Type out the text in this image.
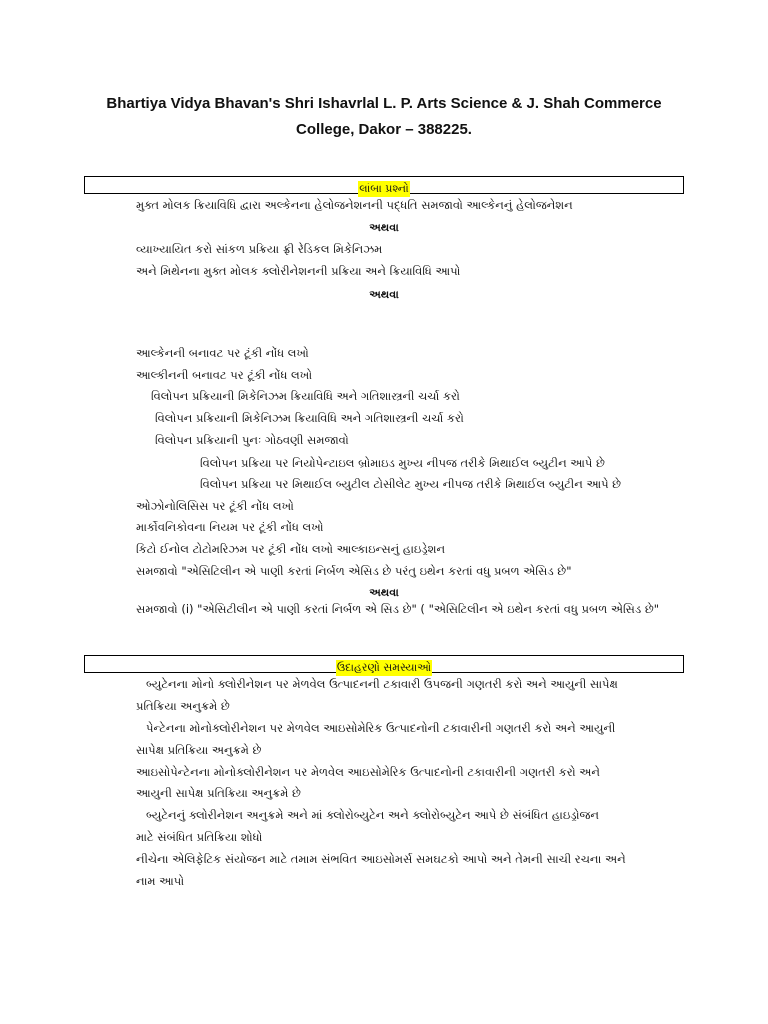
Bhartiya Vidya Bhavan's Shri Ishavrlal L. P. Arts Science & J. Shah Commerce
College, Dakor – 388225.
લાંબા પ્રશ્નો
મુક્ત મોલક ક્રિયાવિધિ દ્વારા અલ્કેનના હેલોજનેશનની પદ્ધતિ સમજાવો આલ્કેનનું હેલોજનેશન
અથવા
વ્યાખ્યાયિત કરો સાંકળ પ્રક્રિયા ફ્રી રેડિકલ મિકેનિઝમ
અને મિથેનના મુક્ત મોલક ક્લોરીનેશનની પ્રક્રિયા અને ક્રિયાવિધિ આપો
અથવા
આલ્કેનની બનાવટ પર ટૂંકી નોંધ લખો
આલ્કીનની બનાવટ પર ટૂંકી નોંધ લખો
વિલોપન પ્રક્રિયાની મિકેનિઝમ ક્રિયાવિધિ અને ગતિશાસ્ત્રની ચર્ચા કરો
વિલોપન પ્રક્રિયાની મિકેનિઝમ ક્રિયાવિધિ અને ગતિશાસ્ત્રની ચર્ચા કરો
વિલોપન પ્રક્રિયાની પુનઃ ગોઠવણી સમજાવો
વિલોપન પ્રક્રિયા પર નિયોપેન્ટાઇલ બ્રોમાઇડ મુખ્ય નીપજ તરીકે મિથાઈલ બ્યુટીન આપે છે
વિલોપન પ્રક્રિયા પર મિથાઈલ બ્યુટીલ ટોસીલેટ મુખ્ય નીપજ તરીકે મિથાઈલ બ્યુટીન આપે છે
ઓઝોનોલિસિસ પર ટૂંકી નોંધ લખો
માર્કોવનિકોવના નિયમ પર ટૂંકી નોંધ લખો
કિટો ઈનોલ ટોટોમરિઝમ પર ટૂંકી નોંધ લખો આલ્કાઇન્સનું હાઇડ્રેશન
સમજાવો "એસિટિલીન એ પાણી કરતાં નિર્બળ એસિડ છે પરંતુ ઇથેન કરતાં વધુ પ્રબળ એસિડ છે"
અથવા
સમજાવો (i) "એસિટીલીન એ પાણી કરતાં નિર્બળ એ સિડ છે" ( "એસિટિલીન એ ઇથેન કરતાં વધુ પ્રબળ એસિડ છે"
ઉદાહરણો સમસ્યાઓ
બ્યુટેનના મોનો ક્લોરીનેશન પર મેળવેલ ઉત્પાદનની ટકાવારી ઉપજની ગણતરી કરો અને આયુની સાપેક્ષ
પ્રતિક્રિયા અનુક્રમે છે
પેન્ટેનના મોનોક્લોરીનેશન પર મેળવેલ આઇસોમેરિક ઉત્પાદનોની ટકાવારીની ગણતરી કરો અને આયુની
સાપેક્ષ પ્રતિક્રિયા અનુક્રમે છે
આઇસોપેન્ટેનના મોનોક્લોરીનેશન પર મેળવેલ આઇસોમેરિક ઉત્પાદનોની ટકાવારીની ગણતરી કરો અને
આયુની સાપેક્ષ પ્રતિક્રિયા અનુક્રમે છે
બ્યુટેનનું ક્લોરીનેશન અનુક્રમે અને માં ક્લોરોબ્યુટેન અને ક્લોરોબ્યુટેન આપે છે સંબંધિત હાઇડ્રોજન
માટે સંબંધિત પ્રતિક્રિયા શોધો
નીચેના એલિફેટિક સંયોજન માટે તમામ સંભવિત આઇસોમર્સ સમઘટકો આપો અને તેમની સાચી રચના અને
નામ આપો
